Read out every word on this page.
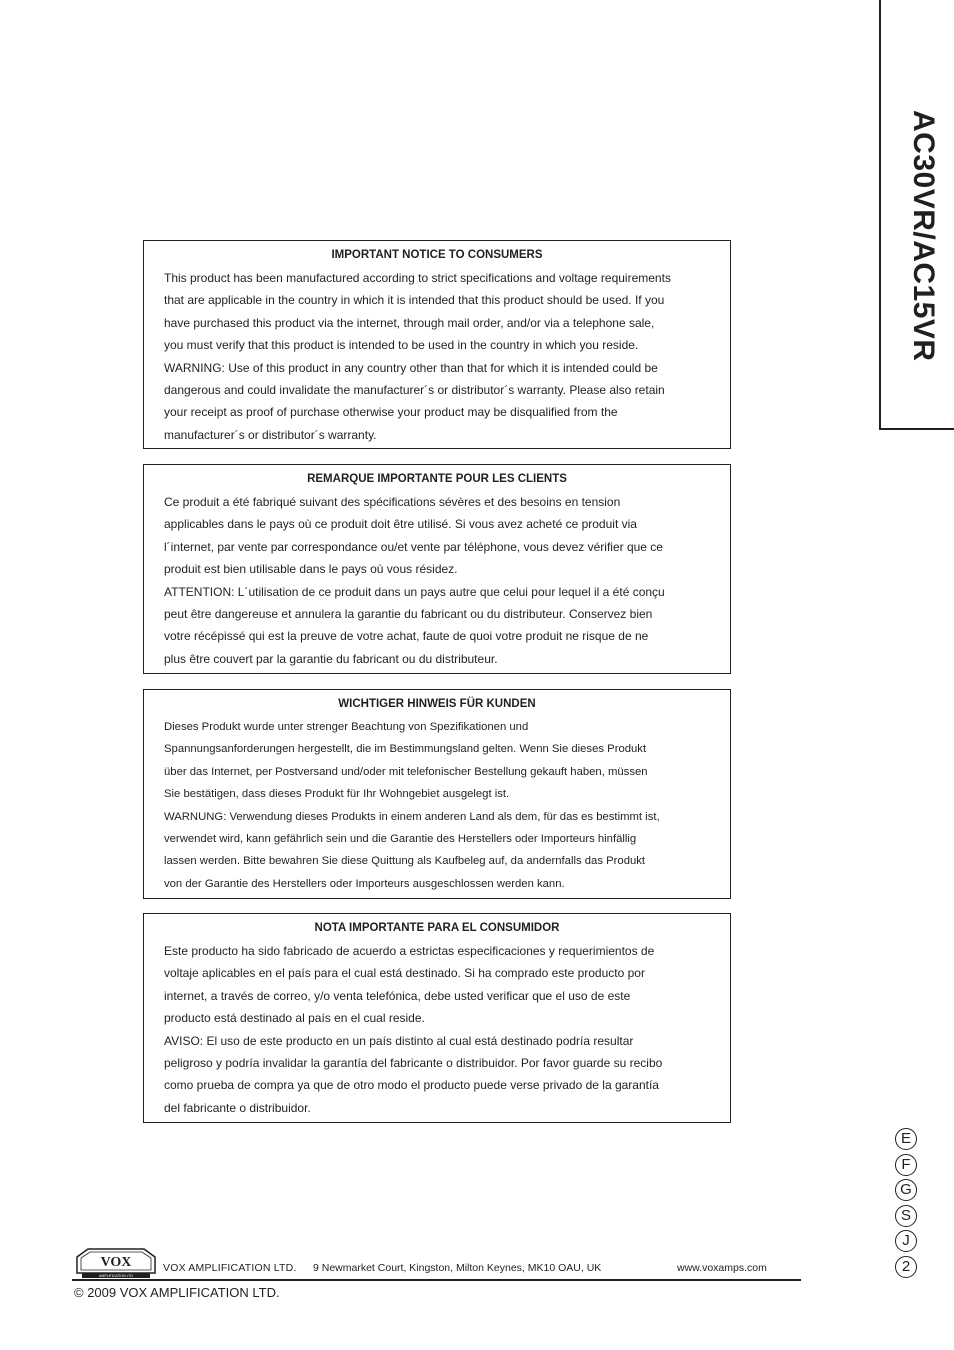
AC30VR/AC15VR
IMPORTANT NOTICE TO CONSUMERS
This product has been manufactured according to strict specifications and voltage requirements
that are applicable in the country in which it is intended that this product should be used. If you
have purchased this product via the internet, through mail order, and/or via a telephone sale,
you must verify that this product is intended to be used in the country in which you reside.
WARNING: Use of this product in any country other than that for which it is intended could be
dangerous and could invalidate the manufacturer´s or distributor´s warranty. Please also retain
your receipt as proof of purchase otherwise your product may be disqualified from the
manufacturer´s or distributor´s warranty.
REMARQUE IMPORTANTE POUR LES CLIENTS
Ce produit a été fabriqué suivant des spécifications sévères et des besoins en tension
applicables dans le pays où ce produit doit être utilisé. Si vous avez acheté ce produit via
l´internet, par vente par correspondance ou/et vente par téléphone, vous devez vérifier que ce
produit est bien utilisable dans le pays où vous résidez.
ATTENTION: L´utilisation de ce produit dans un pays autre que celui pour lequel il a été conçu
peut être dangereuse et annulera la garantie du fabricant ou du distributeur. Conservez bien
votre récépissé qui est la preuve de votre achat, faute de quoi votre produit ne risque de ne
plus être couvert par la garantie du fabricant ou du distributeur.
WICHTIGER HINWEIS FÜR KUNDEN
Dieses Produkt wurde unter strenger Beachtung von Spezifikationen und
Spannungsanforderungen hergestellt, die im Bestimmungsland gelten. Wenn Sie dieses Produkt
über das Internet, per Postversand und/oder mit telefonischer Bestellung gekauft haben, müssen
Sie bestätigen, dass dieses Produkt für Ihr Wohngebiet ausgelegt ist.
WARNUNG: Verwendung dieses Produkts in einem anderen Land als dem, für das es bestimmt ist,
verwendet wird, kann gefährlich sein und die Garantie des Herstellers oder Importeurs hinfällig
lassen werden. Bitte bewahren Sie diese Quittung als Kaufbeleg auf, da andernfalls das Produkt
von der Garantie des Herstellers oder Importeurs ausgeschlossen werden kann.
NOTA IMPORTANTE PARA EL CONSUMIDOR
Este producto ha sido fabricado de acuerdo a estrictas especificaciones y requerimientos de
voltaje aplicables en el país para el cual está destinado. Si ha comprado este producto por
internet, a través de correo, y/o venta telefónica, debe usted verificar que el uso de este
producto está destinado al país en el cual reside.
AVISO: El uso de este producto en un país distinto al cual está destinado podría resultar
peligroso y podría invalidar la garantía del fabricante o distribuidor. Por favor guarde su recibo
como prueba de compra ya que de otro modo el producto puede verse privado de la garantía
del fabricante o distribuidor.
E
F
G
S
J
2
VOX
AMPLIFICATION LTD
VOX AMPLIFICATION LTD. 9 Newmarket Court, Kingston, Milton Keynes, MK10 OAU, UK	www.voxamps.com
© 2009 VOX AMPLIFICATION LTD.
